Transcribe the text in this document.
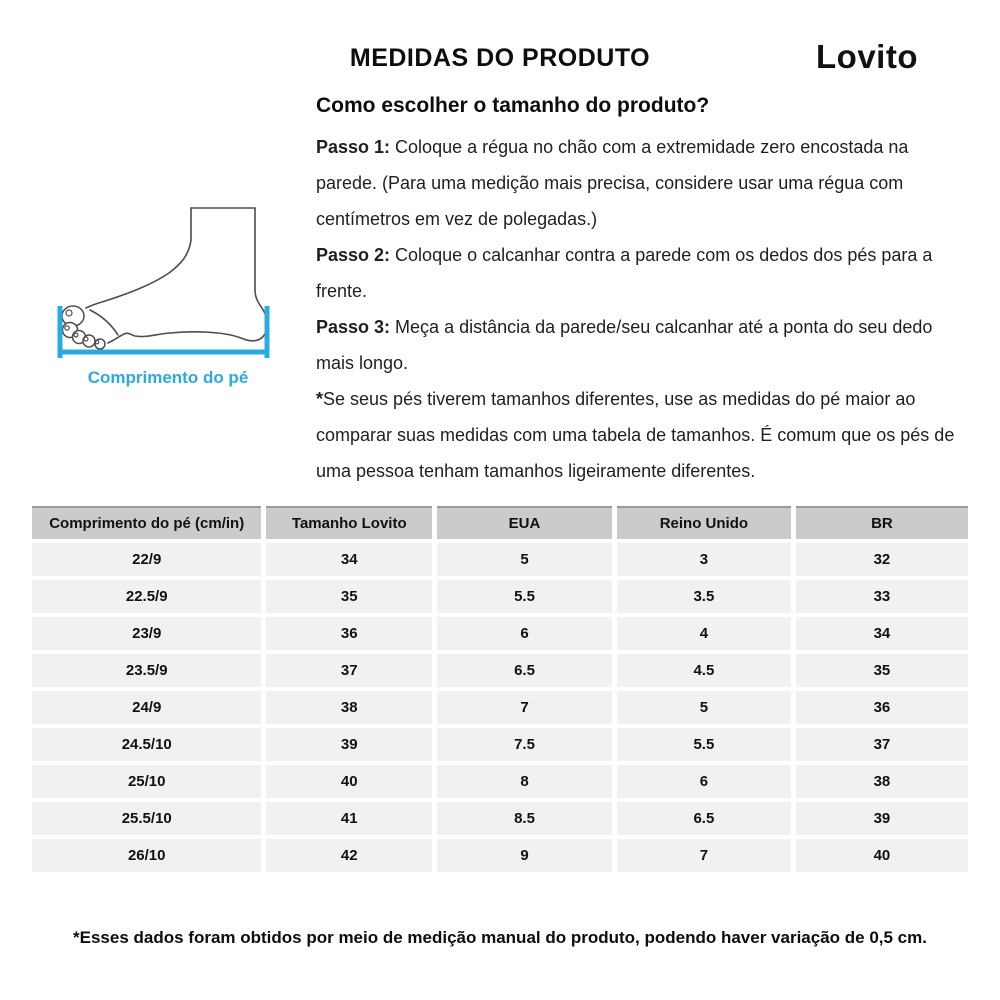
MEDIDAS DO PRODUTO	Lovito
Como escolher o tamanho do produto?

Passo 1: Coloque a régua no chão com a extremidade zero encostada na parede. (Para uma medição mais precisa, considere usar uma régua com centímetros em vez de polegadas.)

Passo 2: Coloque o calcanhar contra a parede com os dedos dos pés para a frente.

Passo 3: Meça a distância da parede/seu calcanhar até a ponta do seu dedo mais longo.

*Se seus pés tiverem tamanhos diferentes, use as medidas do pé maior ao comparar suas medidas com uma tabela de tamanhos. É comum que os pés de uma pessoa tenham tamanhos ligeiramente diferentes.

Comprimento do pé
Comprimento do pé (cm/in)	Tamanho Lovito	EUA	Reino Unido	BR
22/9	34	5	3	32
22.5/9	35	5.5	3.5	33
23/9	36	6	4	34
23.5/9	37	6.5	4.5	35
24/9	38	7	5	36
24.5/10	39	7.5	5.5	37
25/10	40	8	6	38
25.5/10	41	8.5	6.5	39
26/10	42	9	7	40

*Esses dados foram obtidos por meio de medição manual do produto, podendo haver variação de 0,5 cm.
